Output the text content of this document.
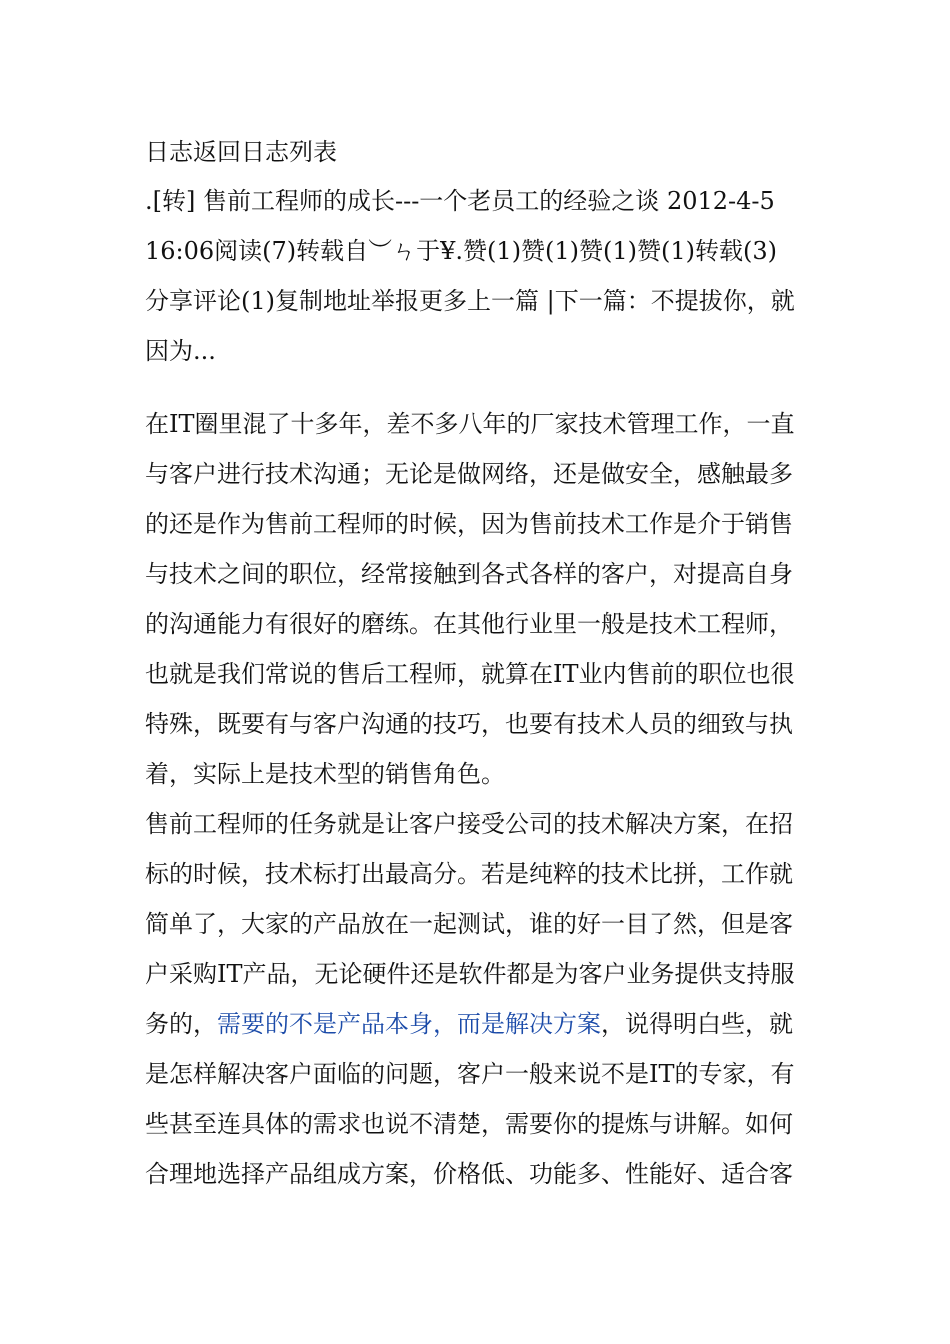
日志返回日志列表
.[转] 售前工程师的成长---一个老员工的经验之谈 2012-4-5
16:06阅读(7)转载自︶ㄣ于¥.赞(1)赞(1)赞(1)赞(1)转载(3)
分享评论(1)复制地址举报更多上一篇 |下一篇：不提拔你，就
因为...
在IT圈里混了十多年，差不多八年的厂家技术管理工作，一直
与客户进行技术沟通；无论是做网络，还是做安全，感触最多
的还是作为售前工程师的时候，因为售前技术工作是介于销售
与技术之间的职位，经常接触到各式各样的客户，对提高自身
的沟通能力有很好的磨练。在其他行业里一般是技术工程师，
也就是我们常说的售后工程师，就算在IT业内售前的职位也很
特殊，既要有与客户沟通的技巧，也要有技术人员的细致与执
着，实际上是技术型的销售角色。
售前工程师的任务就是让客户接受公司的技术解决方案，在招
标的时候，技术标打出最高分。若是纯粹的技术比拼，工作就
简单了，大家的产品放在一起测试，谁的好一目了然，但是客
户采购IT产品，无论硬件还是软件都是为客户业务提供支持服
务的，需要的不是产品本身，而是解决方案，说得明白些，就
是怎样解决客户面临的问题，客户一般来说不是IT的专家，有
些甚至连具体的需求也说不清楚，需要你的提炼与讲解。如何
合理地选择产品组成方案，价格低、功能多、性能好、适合客
